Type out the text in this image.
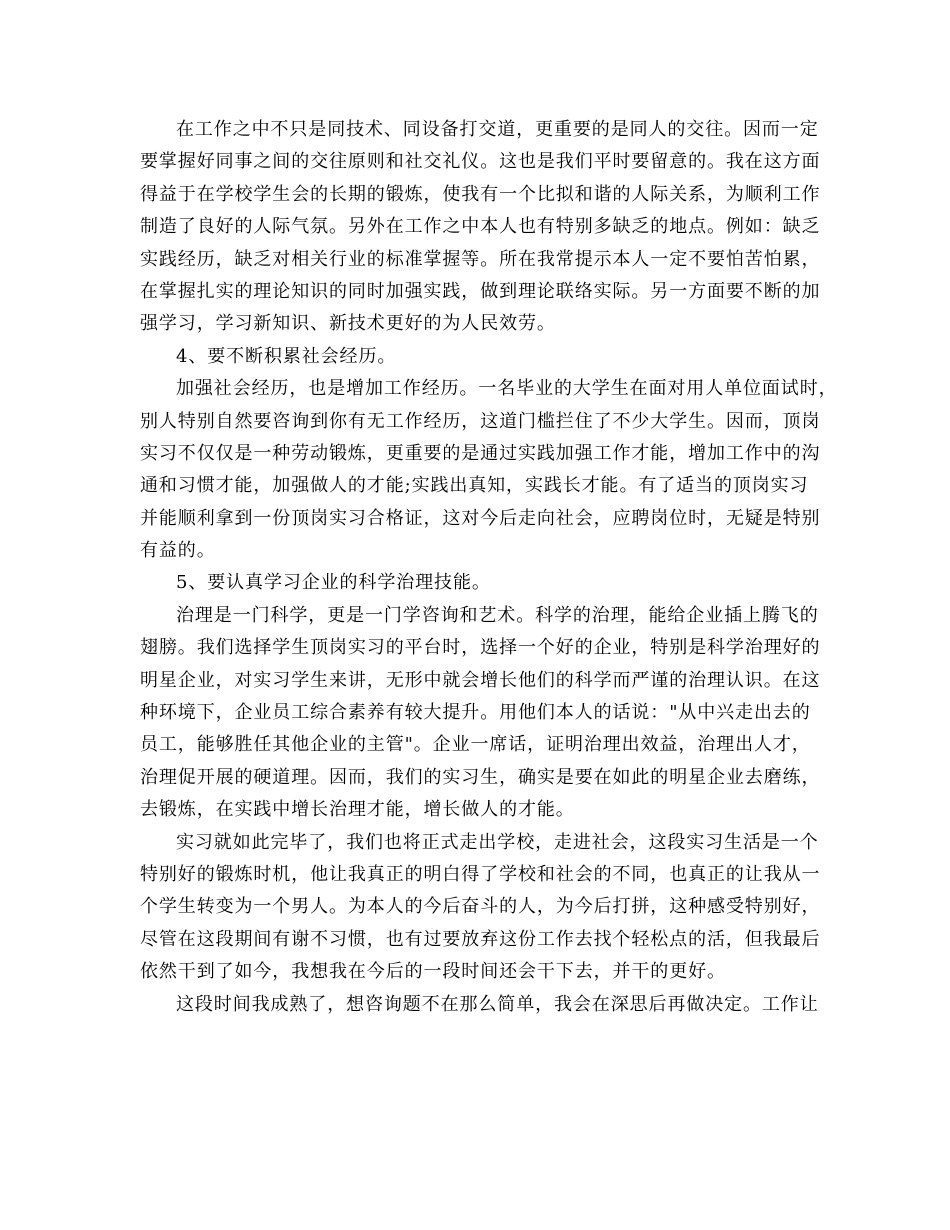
在工作之中不只是同技术、同设备打交道，更重要的是同人的交往。因而一定
要掌握好同事之间的交往原则和社交礼仪。这也是我们平时要留意的。我在这方面
得益于在学校学生会的长期的锻炼，使我有一个比拟和谐的人际关系，为顺利工作
制造了良好的人际气氛。另外在工作之中本人也有特别多缺乏的地点。例如：缺乏
实践经历，缺乏对相关行业的标准掌握等。所在我常提示本人一定不要怕苦怕累，
在掌握扎实的理论知识的同时加强实践，做到理论联络实际。另一方面要不断的加
强学习，学习新知识、新技术更好的为人民效劳。

4、要不断积累社会经历。

加强社会经历，也是增加工作经历。一名毕业的大学生在面对用人单位面试时，
别人特别自然要咨询到你有无工作经历，这道门槛拦住了不少大学生。因而，顶岗
实习不仅仅是一种劳动锻炼，更重要的是通过实践加强工作才能，增加工作中的沟
通和习惯才能，加强做人的才能;实践出真知，实践长才能。有了适当的顶岗实习
并能顺利拿到一份顶岗实习合格证，这对今后走向社会，应聘岗位时，无疑是特别
有益的。

5、要认真学习企业的科学治理技能。

治理是一门科学，更是一门学咨询和艺术。科学的治理，能给企业插上腾飞的
翅膀。我们选择学生顶岗实习的平台时，选择一个好的企业，特别是科学治理好的
明星企业，对实习学生来讲，无形中就会增长他们的科学而严谨的治理认识。在这
种环境下，企业员工综合素养有较大提升。用他们本人的话说："从中兴走出去的
员工，能够胜任其他企业的主管"。企业一席话，证明治理出效益，治理出人才，
治理促开展的硬道理。因而，我们的实习生，确实是要在如此的明星企业去磨练，
去锻炼，在实践中增长治理才能，增长做人的才能。

实习就如此完毕了，我们也将正式走出学校，走进社会，这段实习生活是一个
特别好的锻炼时机，他让我真正的明白得了学校和社会的不同，也真正的让我从一
个学生转变为一个男人。为本人的今后奋斗的人，为今后打拼，这种感受特别好，
尽管在这段期间有谢不习惯，也有过要放弃这份工作去找个轻松点的活，但我最后
依然干到了如今，我想我在今后的一段时间还会干下去，并干的更好。

这段时间我成熟了，想咨询题不在那么简单，我会在深思后再做决定。工作让
